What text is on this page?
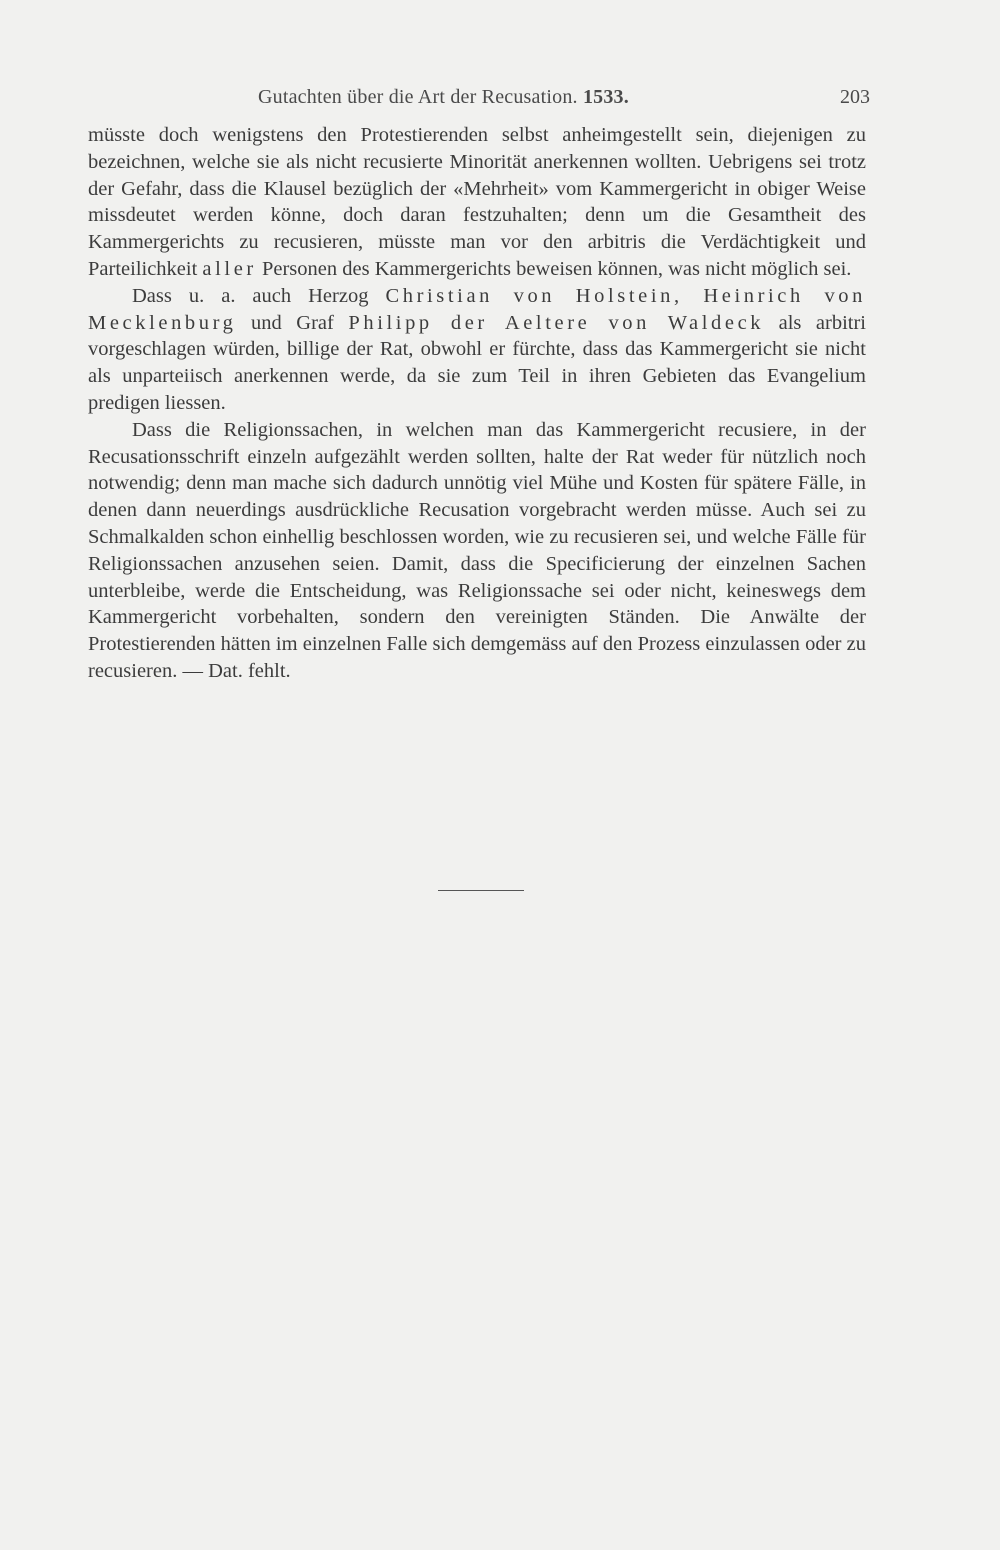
Gutachten über die Art der Recusation. 1533.	203

müsste doch wenigstens den Protestierenden selbst anheimgestellt sein, diejenigen zu bezeichnen, welche sie als nicht recusierte Minorität anerkennen wollten. Uebrigens sei trotz der Gefahr, dass die Klausel bezüglich der «Mehrheit» vom Kammergericht in obiger Weise missdeutet werden könne, doch daran festzuhalten; denn um die Gesamtheit des Kammergerichts zu recusieren, müsste man vor den arbitris die Verdächtigkeit und Parteilichkeit aller Personen des Kammergerichts beweisen können, was nicht möglich sei.

Dass u. a. auch Herzog Christian von Holstein, Heinrich von Mecklenburg und Graf Philipp der Aeltere von Waldeck als arbitri vorgeschlagen würden, billige der Rat, obwohl er fürchte, dass das Kammergericht sie nicht als unparteiisch anerkennen werde, da sie zum Teil in ihren Gebieten das Evangelium predigen liessen.

Dass die Religionssachen, in welchen man das Kammergericht recusiere, in der Recusationsschrift einzeln aufgezählt werden sollten, halte der Rat weder für nützlich noch notwendig; denn man mache sich dadurch unnötig viel Mühe und Kosten für spätere Fälle, in denen dann neuerdings ausdrückliche Recusation vorgebracht werden müsse. Auch sei zu Schmalkalden schon einhellig beschlossen worden, wie zu recusieren sei, und welche Fälle für Religionssachen anzusehen seien. Damit, dass die Specificierung der einzelnen Sachen unterbleibe, werde die Entscheidung, was Religionssache sei oder nicht, keineswegs dem Kammergericht vorbehalten, sondern den vereinigten Ständen. Die Anwälte der Protestierenden hätten im einzelnen Falle sich demgemäss auf den Prozess einzulassen oder zu recusieren. — Dat. fehlt.
